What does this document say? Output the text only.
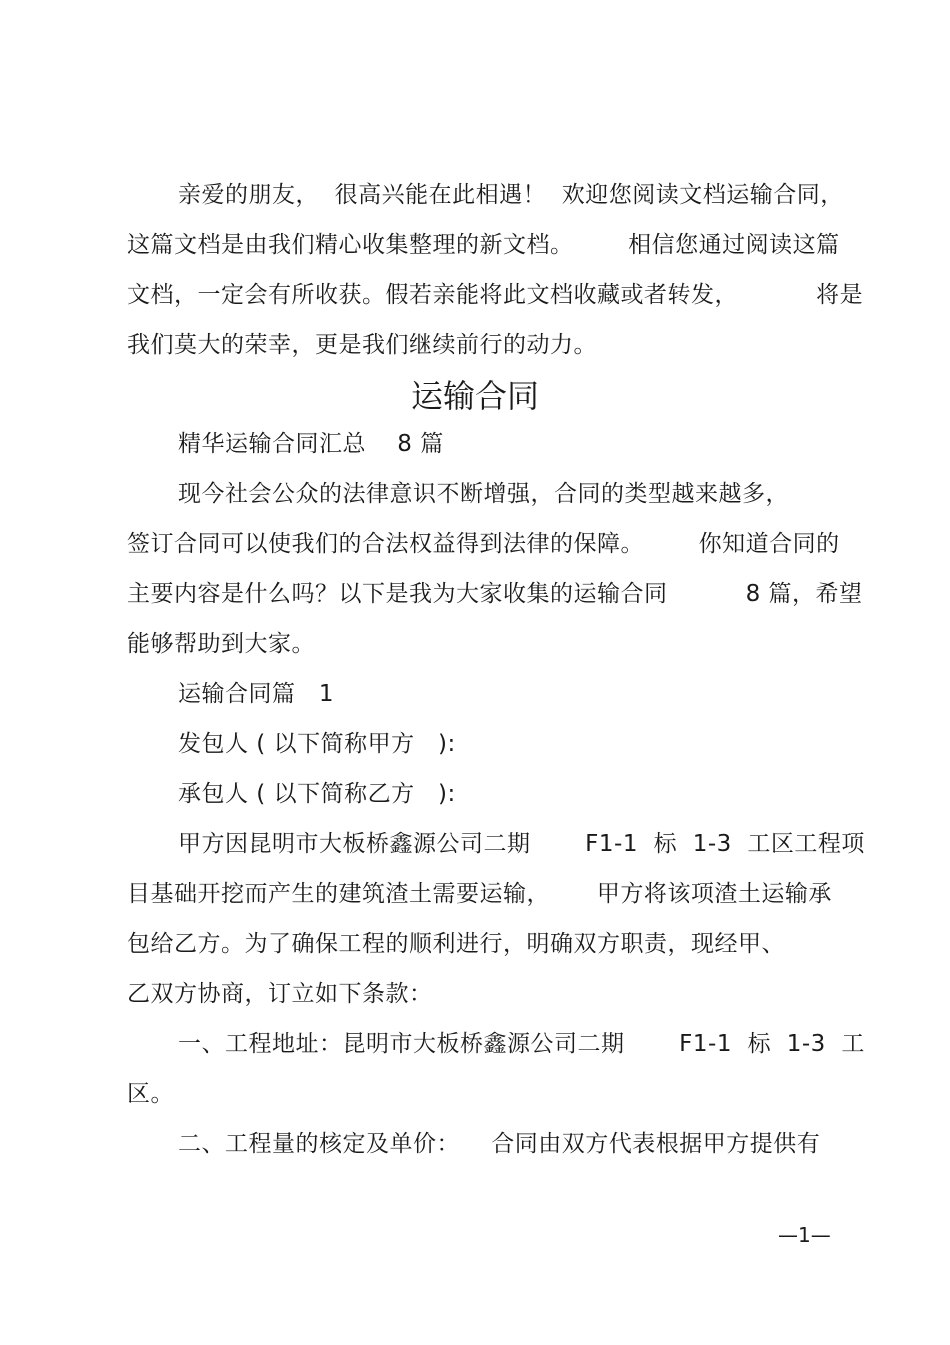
亲爱的朋友，  很高兴能在此相遇！  欢迎您阅读文档运输合同，
这篇文档是由我们精心收集整理的新文档。       相信您通过阅读这篇
文档，一定会有所收获。假若亲能将此文档收藏或者转发，          将是
我们莫大的荣幸，更是我们继续前行的动力。
运输合同
精华运输合同汇总    8 篇
现今社会公众的法律意识不断增强，合同的类型越来越多，
签订合同可以使我们的合法权益得到法律的保障。       你知道合同的
主要内容是什么吗？以下是我为大家收集的运输合同          8 篇，希望
能够帮助到大家。
运输合同篇   1
发包人 ( 以下简称甲方   ):
承包人 ( 以下简称乙方   ):
甲方因昆明市大板桥鑫源公司二期       F1-1  标  1-3  工区工程项
目基础开挖而产生的建筑渣土需要运输，      甲方将该项渣土运输承
包给乙方。为了确保工程的顺利进行，明确双方职责，现经甲、
乙双方协商，订立如下条款：
一、工程地址：昆明市大板桥鑫源公司二期       F1-1  标  1-3  工
区。
二、工程量的核定及单价：    合同由双方代表根据甲方提供有
—1—
